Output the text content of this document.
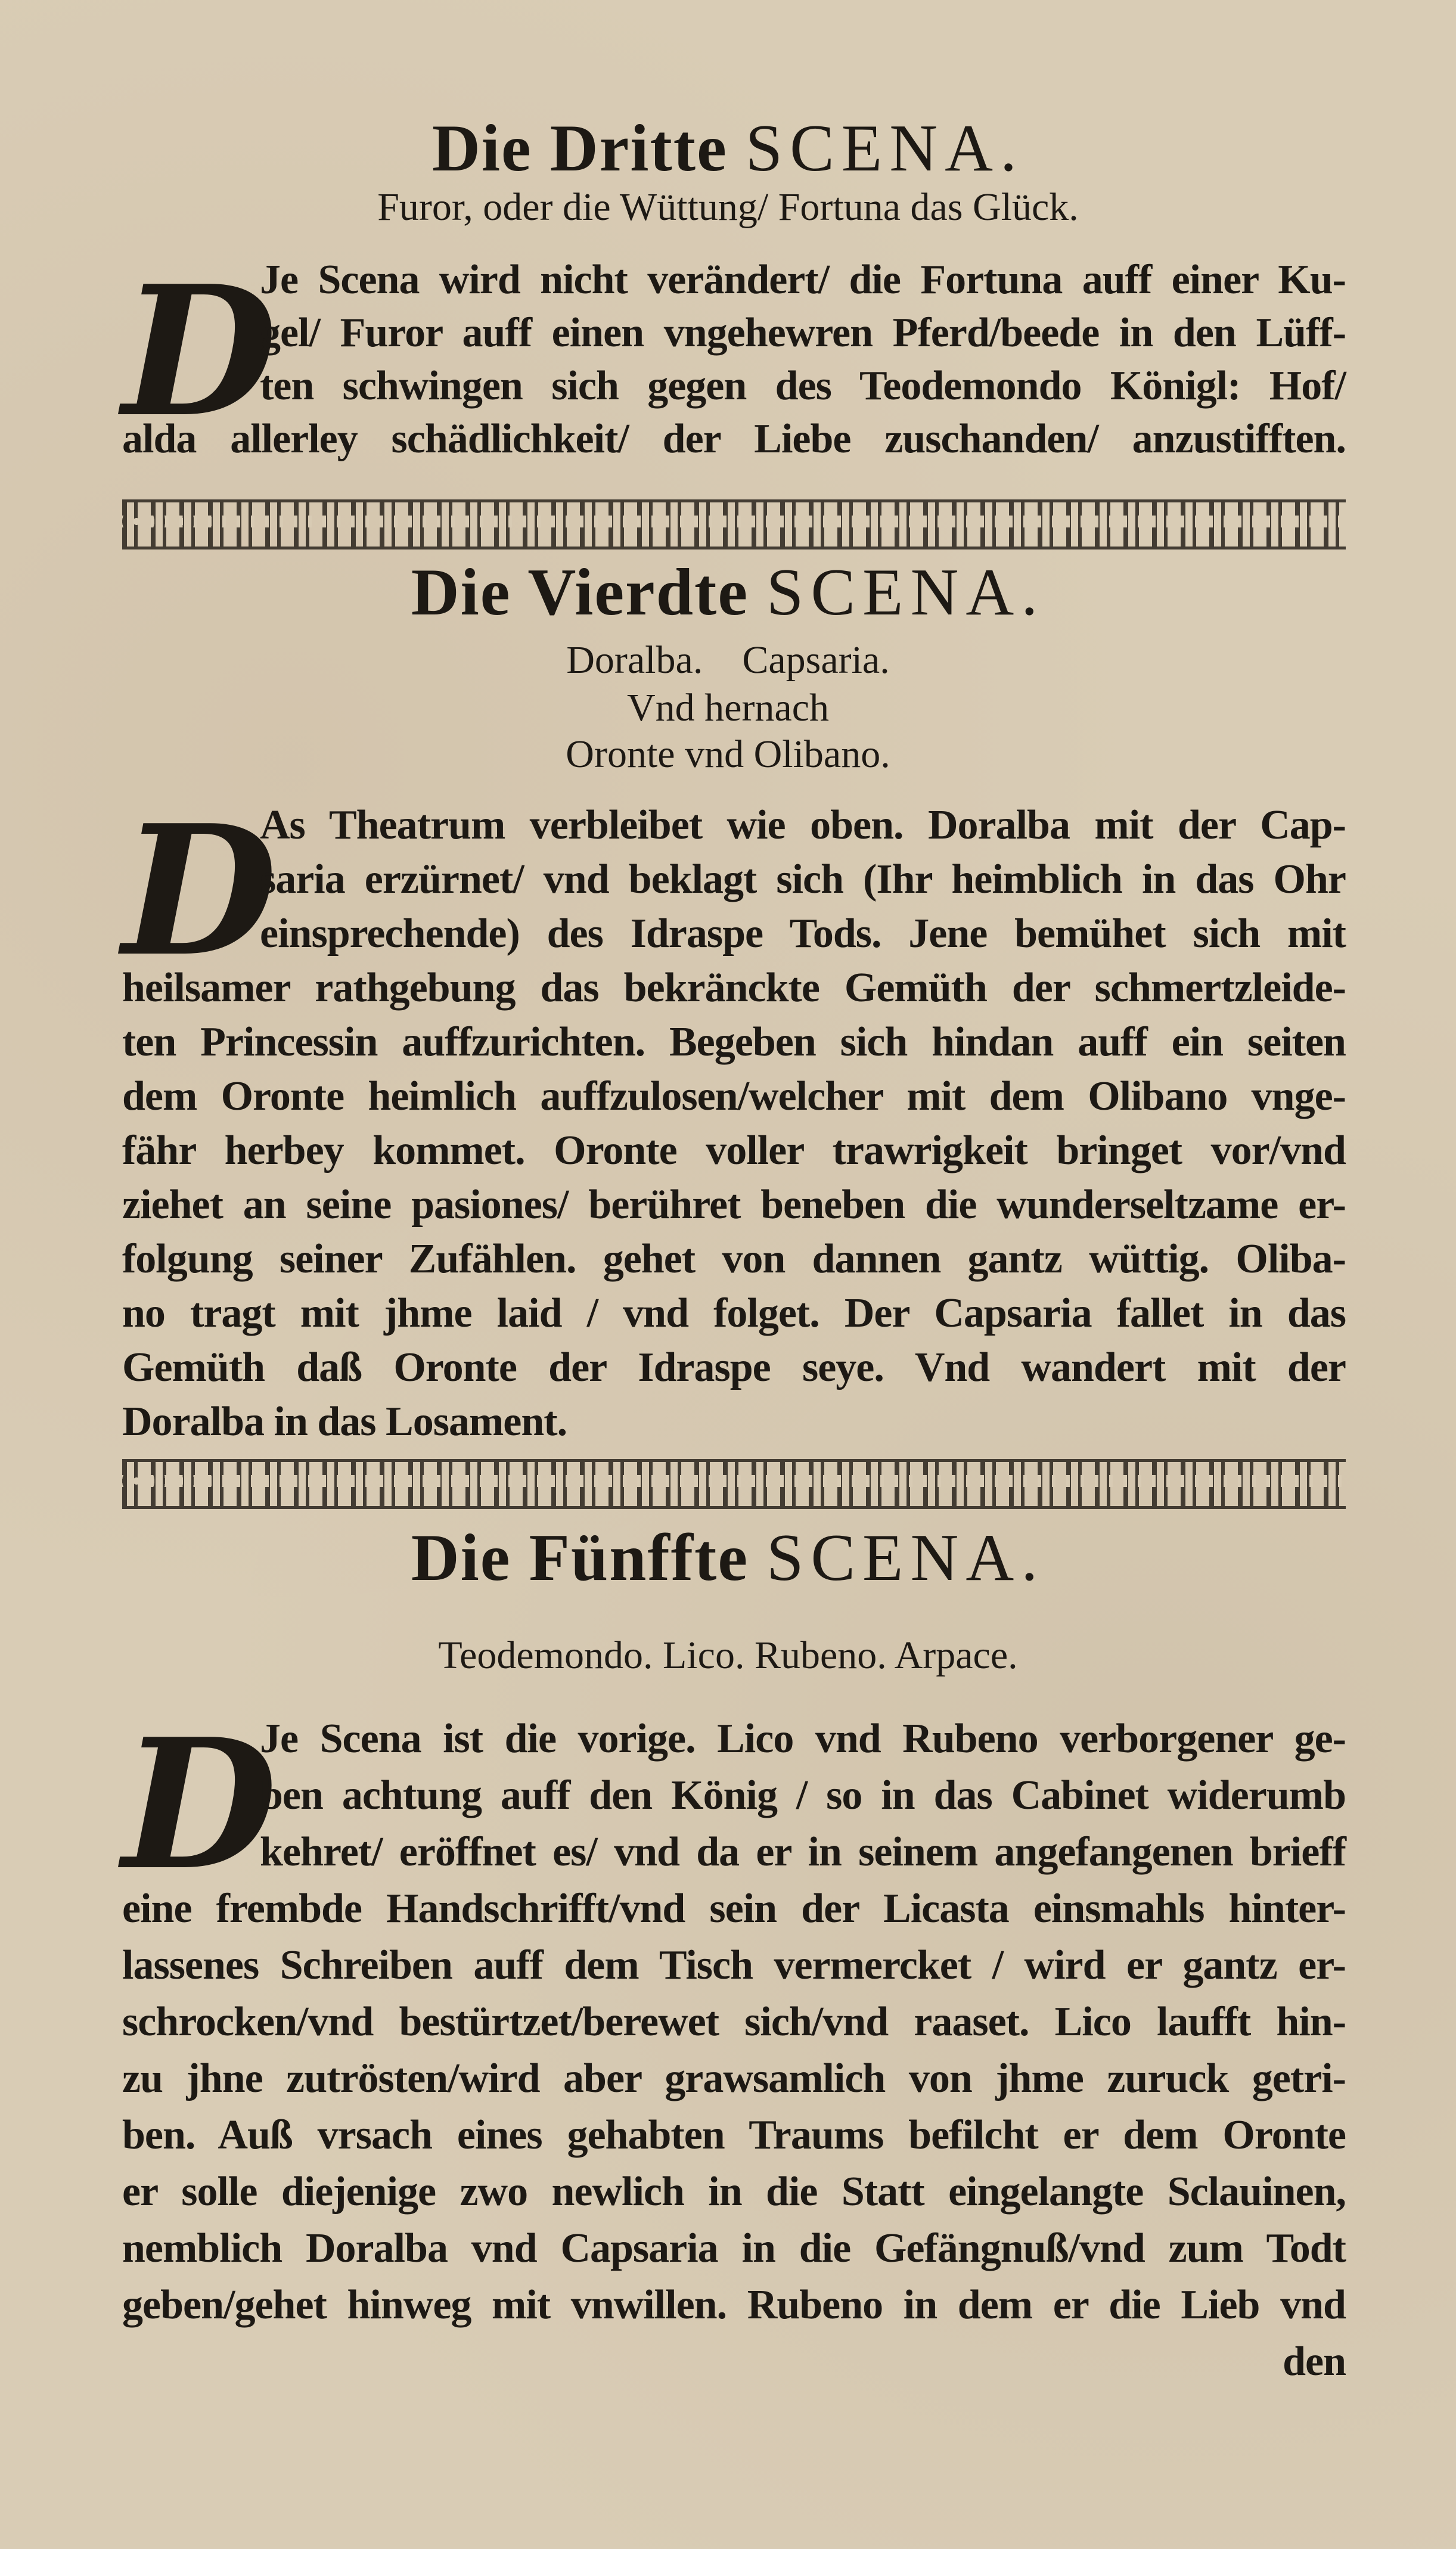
Die Dritte SCENA.
Furor, oder die Wüttung/ Fortuna das Glück.
D
Je Scena wird nicht verändert/ die Fortuna auff einer Ku-
gel/ Furor auff einen vngehewren Pferd/beede in den Lüff-
ten schwingen sich gegen des Teodemondo Königl: Hof/
alda allerley schädlichkeit/ der Liebe zuschanden/ anzustifften.
Die Vierdte SCENA.
Doralba.    Capsaria.
Vnd hernach
Oronte vnd Olibano.
D
As Theatrum verbleibet wie oben. Doralba mit der Cap-
saria erzürnet/ vnd beklagt sich (Ihr heimblich in das Ohr
einsprechende) des Idraspe Tods. Jene bemühet sich mit
heilsamer rathgebung das bekränckte Gemüth der schmertzleide-
ten Princessin auffzurichten. Begeben sich hindan auff ein seiten
dem Oronte heimlich auffzulosen/welcher mit dem Olibano vnge-
fähr herbey kommet. Oronte voller trawrigkeit bringet vor/vnd
ziehet an seine pasiones/ berühret beneben die wunderseltzame er-
folgung seiner Zufählen. gehet von dannen gantz wüttig. Oliba-
no tragt mit jhme laid / vnd folget. Der Capsaria fallet in das
Gemüth daß Oronte der Idraspe seye. Vnd wandert mit der
Doralba in das Losament.
Die Fünffte SCENA.
Teodemondo. Lico. Rubeno. Arpace.
D
Je Scena ist die vorige. Lico vnd Rubeno verborgener ge-
ben achtung auff den König / so in das Cabinet widerumb
kehret/ eröffnet es/ vnd da er in seinem angefangenen brieff
eine frembde Handschrifft/vnd sein der Licasta einsmahls hinter-
lassenes Schreiben auff dem Tisch vermercket / wird er gantz er-
schrocken/vnd bestürtzet/berewet sich/vnd raaset. Lico laufft hin-
zu jhne zutrösten/wird aber grawsamlich von jhme zuruck getri-
ben. Auß vrsach eines gehabten Traums befilcht er dem Oronte
er solle diejenige zwo newlich in die Statt eingelangte Sclauinen,
nemblich Doralba vnd Capsaria in die Gefängnuß/vnd zum Todt
geben/gehet hinweg mit vnwillen. Rubeno in dem er die Lieb vnd
den
